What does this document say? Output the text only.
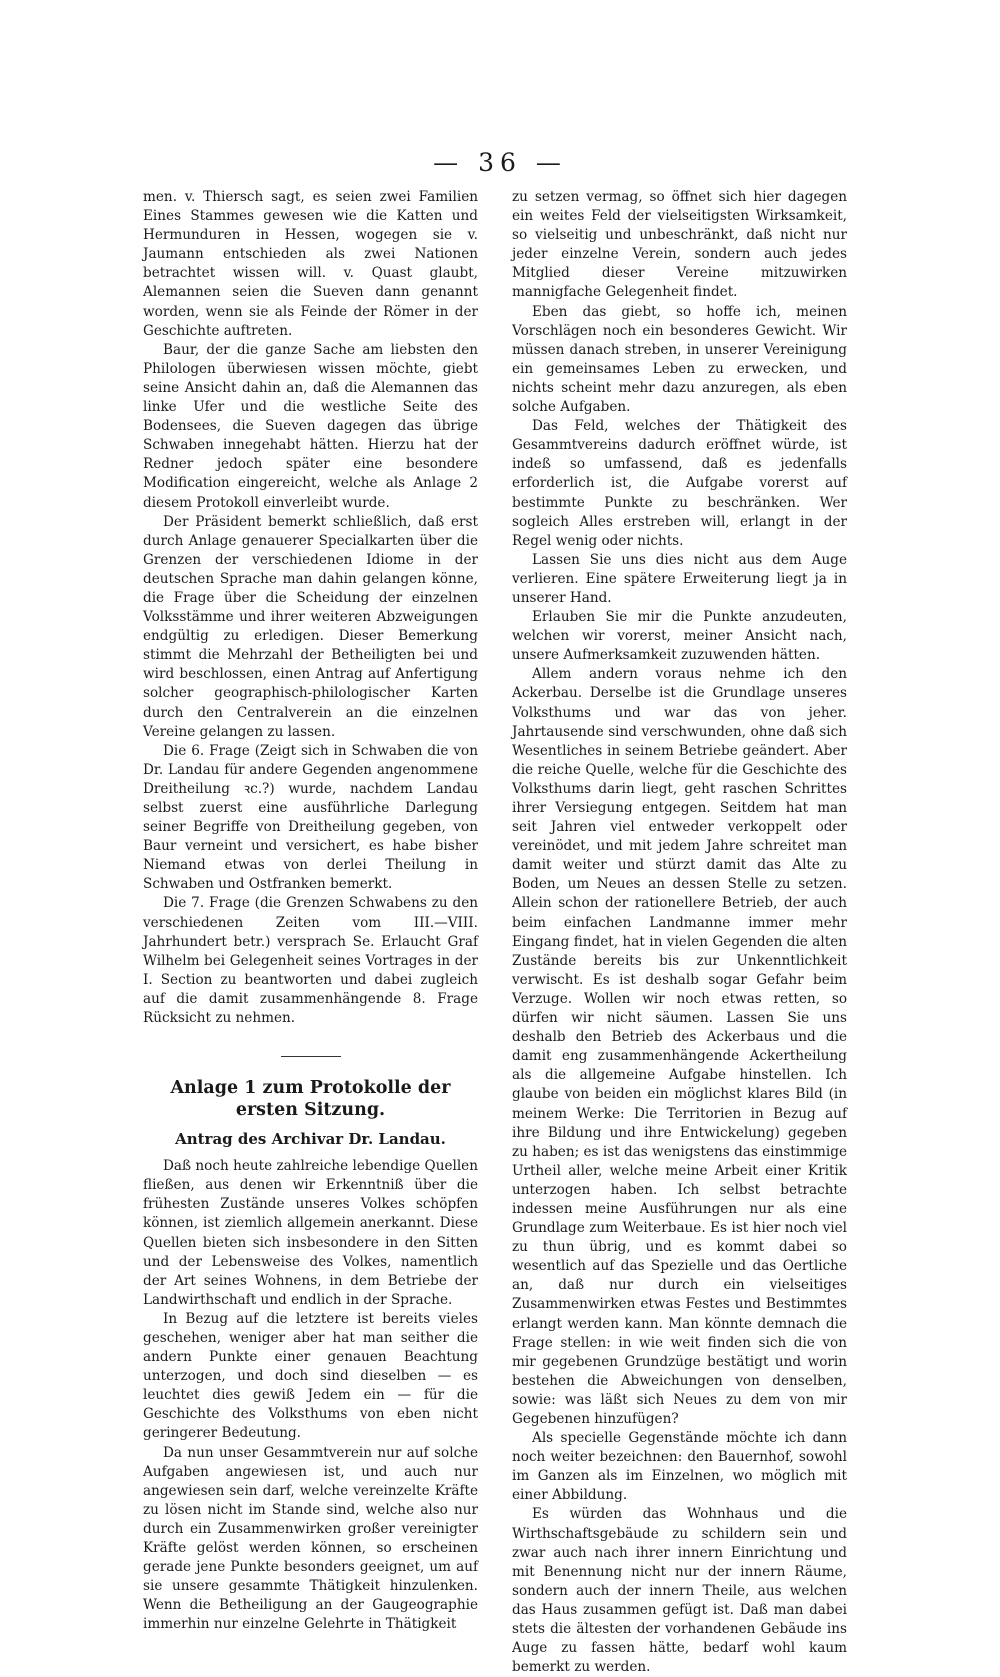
— 36 —

men. v. Thiersch sagt, es seien zwei Familien Eines Stammes gewesen wie die Katten und Hermunduren in Hessen, wogegen sie v. Jaumann entschieden als zwei Nationen betrachtet wissen will. v. Quast glaubt, Alemannen seien die Sueven dann genannt worden, wenn sie als Feinde der Römer in der Geschichte auftreten.

Baur, der die ganze Sache am liebsten den Philologen überwiesen wissen möchte, giebt seine Ansicht dahin an, daß die Alemannen das linke Ufer und die westliche Seite des Bodensees, die Sueven dagegen das übrige Schwaben innegehabt hätten. Hierzu hat der Redner jedoch später eine besondere Modification eingereicht, welche als Anlage 2 diesem Protokoll einverleibt wurde.

Der Präsident bemerkt schließlich, daß erst durch Anlage genauerer Specialkarten über die Grenzen der verschiedenen Idiome in der deutschen Sprache man dahin gelangen könne, die Frage über die Scheidung der einzelnen Volksstämme und ihrer weiteren Abzweigungen endgültig zu erledigen. Dieser Bemerkung stimmt die Mehrzahl der Betheiligten bei und wird beschlossen, einen Antrag auf Anfertigung solcher geographisch-philologischer Karten durch den Centralverein an die einzelnen Vereine gelangen zu lassen.

Die 6. Frage (Zeigt sich in Schwaben die von Dr. Landau für andere Gegenden angenommene Dreitheilung ꝛc.?) wurde, nachdem Landau selbst zuerst eine ausführliche Darlegung seiner Begriffe von Dreitheilung gegeben, von Baur verneint und versichert, es habe bisher Niemand etwas von derlei Theilung in Schwaben und Ostfranken bemerkt.

Die 7. Frage (die Grenzen Schwabens zu den verschiedenen Zeiten vom III.—VIII. Jahrhundert betr.) versprach Se. Erlaucht Graf Wilhelm bei Gelegenheit seines Vortrages in der I. Section zu beantworten und dabei zugleich auf die damit zusammenhängende 8. Frage Rücksicht zu nehmen.

Anlage 1 zum Protokolle der ersten Sitzung.
Antrag des Archivar Dr. Landau.

Daß noch heute zahlreiche lebendige Quellen fließen, aus denen wir Erkenntniß über die frühesten Zustände unseres Volkes schöpfen können, ist ziemlich allgemein anerkannt. Diese Quellen bieten sich insbesondere in den Sitten und der Lebensweise des Volkes, namentlich der Art seines Wohnens, in dem Betriebe der Landwirthschaft und endlich in der Sprache.

In Bezug auf die letztere ist bereits vieles geschehen, weniger aber hat man seither die andern Punkte einer genauen Beachtung unterzogen, und doch sind dieselben — es leuchtet dies gewiß Jedem ein — für die Geschichte des Volksthums von eben nicht geringerer Bedeutung.

Da nun unser Gesammtverein nur auf solche Aufgaben angewiesen ist, und auch nur angewiesen sein darf, welche vereinzelte Kräfte zu lösen nicht im Stande sind, welche also nur durch ein Zusammenwirken großer vereinigter Kräfte gelöst werden können, so erscheinen gerade jene Punkte besonders geeignet, um auf sie unsere gesammte Thätigkeit hinzulenken. Wenn die Betheiligung an der Gaugeographie immerhin nur einzelne Gelehrte in Thätigkeit

zu setzen vermag, so öffnet sich hier dagegen ein weites Feld der vielseitigsten Wirksamkeit, so vielseitig und unbeschränkt, daß nicht nur jeder einzelne Verein, sondern auch jedes Mitglied dieser Vereine mitzuwirken mannigfache Gelegenheit findet.

Eben das giebt, so hoffe ich, meinen Vorschlägen noch ein besonderes Gewicht. Wir müssen danach streben, in unserer Vereinigung ein gemeinsames Leben zu erwecken, und nichts scheint mehr dazu anzuregen, als eben solche Aufgaben.

Das Feld, welches der Thätigkeit des Gesammtvereins dadurch eröffnet würde, ist indeß so umfassend, daß es jedenfalls erforderlich ist, die Aufgabe vorerst auf bestimmte Punkte zu beschränken. Wer sogleich Alles erstreben will, erlangt in der Regel wenig oder nichts.

Lassen Sie uns dies nicht aus dem Auge verlieren. Eine spätere Erweiterung liegt ja in unserer Hand.

Erlauben Sie mir die Punkte anzudeuten, welchen wir vorerst, meiner Ansicht nach, unsere Aufmerksamkeit zuzuwenden hätten.

Allem andern voraus nehme ich den Ackerbau. Derselbe ist die Grundlage unseres Volksthums und war das von jeher. Jahrtausende sind verschwunden, ohne daß sich Wesentliches in seinem Betriebe geändert. Aber die reiche Quelle, welche für die Geschichte des Volksthums darin liegt, geht raschen Schrittes ihrer Versiegung entgegen. Seitdem hat man seit Jahren viel entweder verkoppelt oder vereinödet, und mit jedem Jahre schreitet man damit weiter und stürzt damit das Alte zu Boden, um Neues an dessen Stelle zu setzen. Allein schon der rationellere Betrieb, der auch beim einfachen Landmanne immer mehr Eingang findet, hat in vielen Gegenden die alten Zustände bereits bis zur Unkenntlichkeit verwischt. Es ist deshalb sogar Gefahr beim Verzuge. Wollen wir noch etwas retten, so dürfen wir nicht säumen. Lassen Sie uns deshalb den Betrieb des Ackerbaus und die damit eng zusammenhängende Ackertheilung als die allgemeine Aufgabe hinstellen. Ich glaube von beiden ein möglichst klares Bild (in meinem Werke: Die Territorien in Bezug auf ihre Bildung und ihre Entwickelung) gegeben zu haben; es ist das wenigstens das einstimmige Urtheil aller, welche meine Arbeit einer Kritik unterzogen haben. Ich selbst betrachte indessen meine Ausführungen nur als eine Grundlage zum Weiterbaue. Es ist hier noch viel zu thun übrig, und es kommt dabei so wesentlich auf das Spezielle und das Oertliche an, daß nur durch ein vielseitiges Zusammenwirken etwas Festes und Bestimmtes erlangt werden kann. Man könnte demnach die Frage stellen: in wie weit finden sich die von mir gegebenen Grundzüge bestätigt und worin bestehen die Abweichungen von denselben, sowie: was läßt sich Neues zu dem von mir Gegebenen hinzufügen?

Als specielle Gegenstände möchte ich dann noch weiter bezeichnen: den Bauernhof, sowohl im Ganzen als im Einzelnen, wo möglich mit einer Abbildung.

Es würden das Wohnhaus und die Wirthschaftsgebäude zu schildern sein und zwar auch nach ihrer innern Einrichtung und mit Benennung nicht nur der innern Räume, sondern auch der innern Theile, aus welchen das Haus zusammen gefügt ist. Daß man dabei stets die ältesten der vorhandenen Gebäude ins Auge zu fassen hätte, bedarf wohl kaum bemerkt zu werden.
